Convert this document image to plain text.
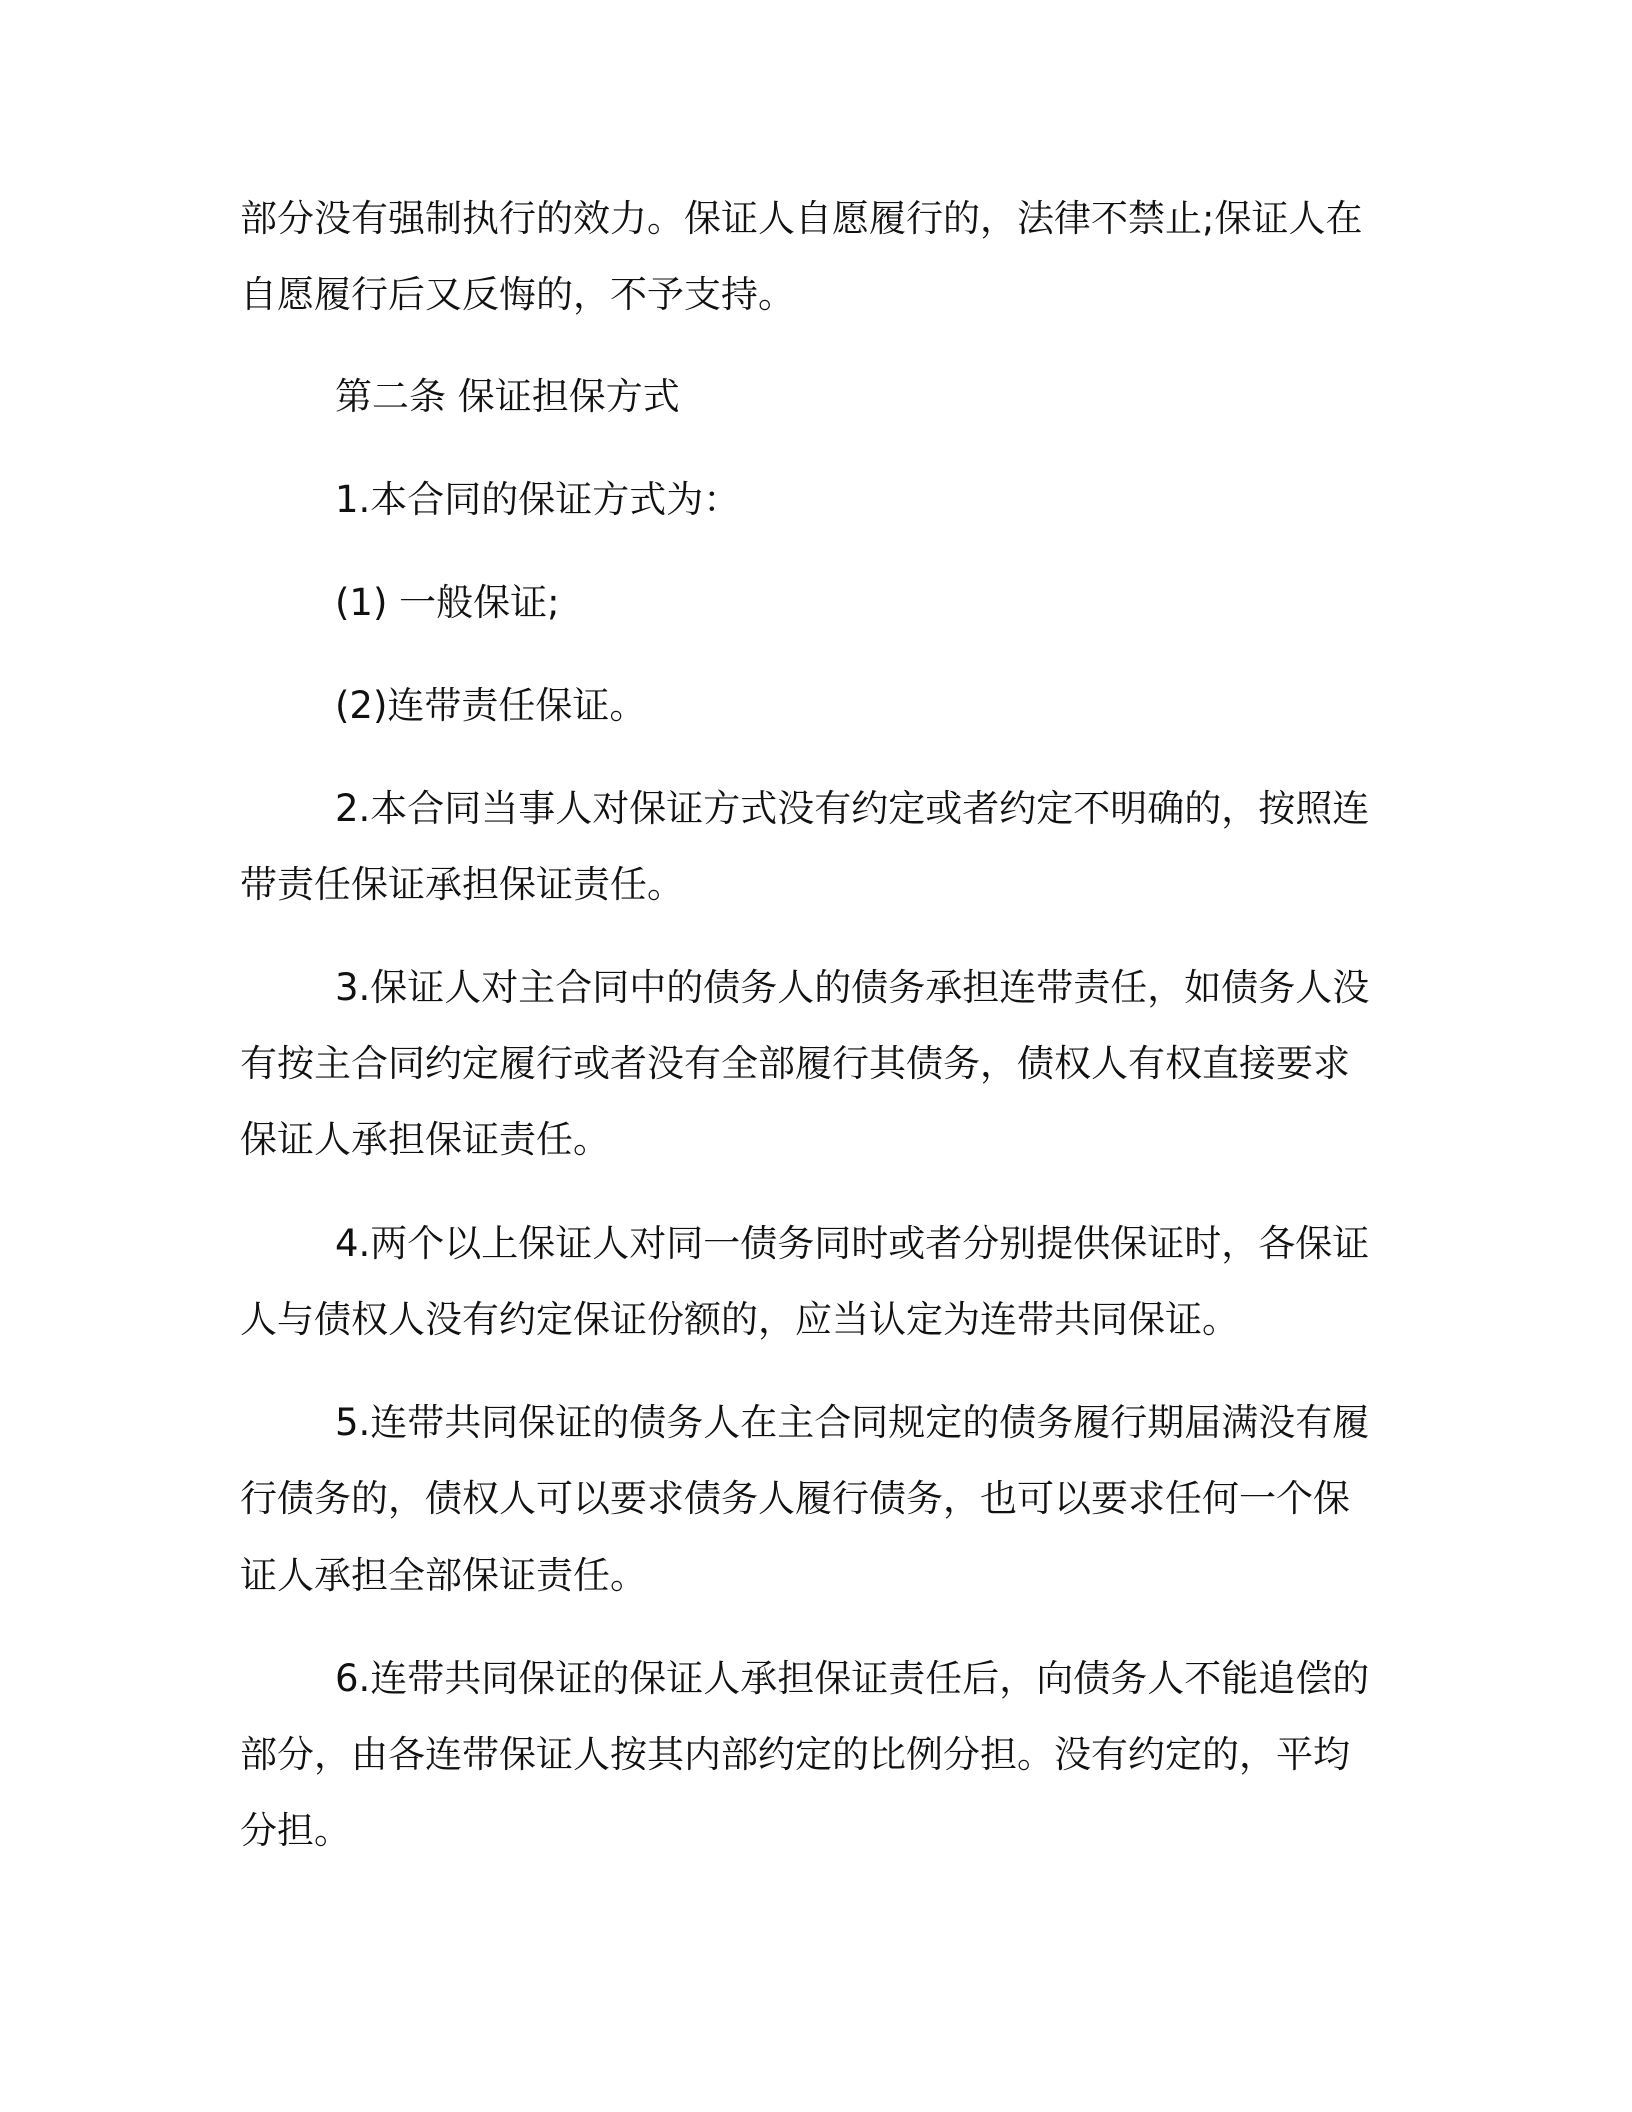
部分没有强制执行的效力。保证人自愿履行的，法律不禁止;保证人在
自愿履行后又反悔的，不予支持。
第二条 保证担保方式
1.本合同的保证方式为：
(1) 一般保证;
(2)连带责任保证。
2.本合同当事人对保证方式没有约定或者约定不明确的，按照连
带责任保证承担保证责任。
3.保证人对主合同中的债务人的债务承担连带责任，如债务人没
有按主合同约定履行或者没有全部履行其债务，债权人有权直接要求
保证人承担保证责任。
4.两个以上保证人对同一债务同时或者分别提供保证时，各保证
人与债权人没有约定保证份额的，应当认定为连带共同保证。
5.连带共同保证的债务人在主合同规定的债务履行期届满没有履
行债务的，债权人可以要求债务人履行债务，也可以要求任何一个保
证人承担全部保证责任。
6.连带共同保证的保证人承担保证责任后，向债务人不能追偿的
部分，由各连带保证人按其内部约定的比例分担。没有约定的，平均
分担。
